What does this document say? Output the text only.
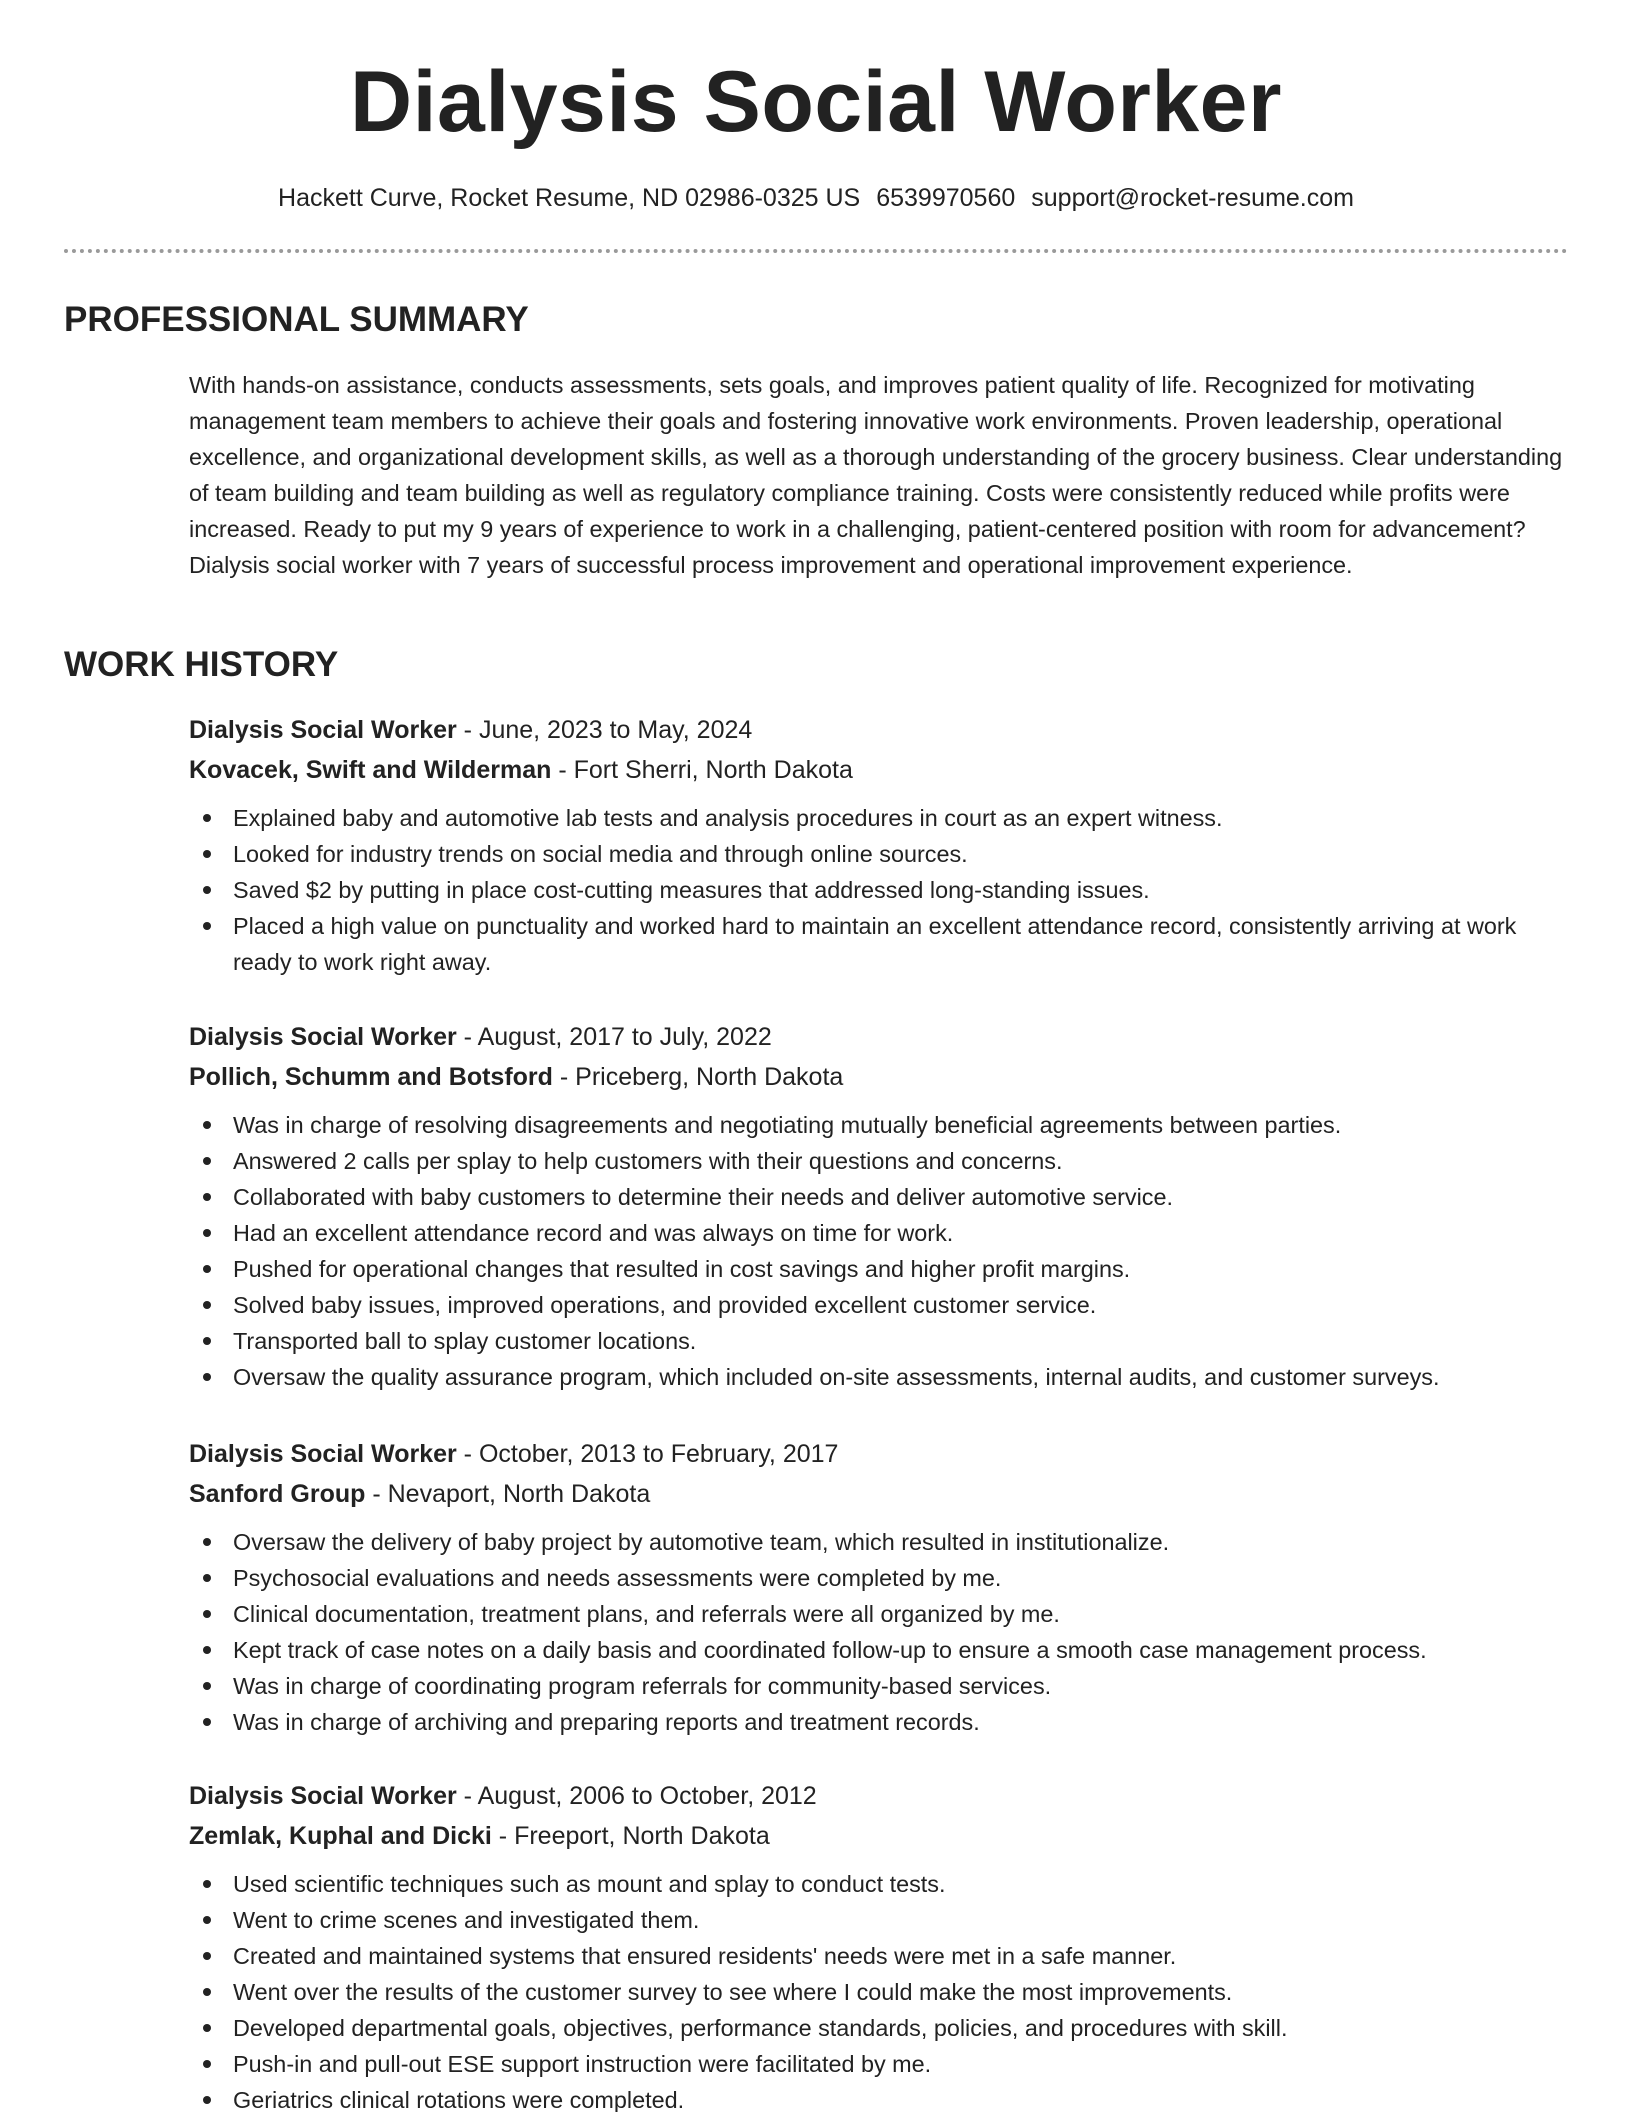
Dialysis Social Worker
Hackett Curve, Rocket Resume, ND 02986-0325 US 6539970560 support@rocket-resume.com
PROFESSIONAL SUMMARY
With hands-on assistance, conducts assessments, sets goals, and improves patient quality of life. Recognized for motivating management team members to achieve their goals and fostering innovative work environments. Proven leadership, operational excellence, and organizational development skills, as well as a thorough understanding of the grocery business. Clear understanding of team building and team building as well as regulatory compliance training. Costs were consistently reduced while profits were increased. Ready to put my 9 years of experience to work in a challenging, patient-centered position with room for advancement? Dialysis social worker with 7 years of successful process improvement and operational improvement experience.
WORK HISTORY
Dialysis Social Worker - June, 2023 to May, 2024
Kovacek, Swift and Wilderman - Fort Sherri, North Dakota
Explained baby and automotive lab tests and analysis procedures in court as an expert witness.
Looked for industry trends on social media and through online sources.
Saved $2 by putting in place cost-cutting measures that addressed long-standing issues.
Placed a high value on punctuality and worked hard to maintain an excellent attendance record, consistently arriving at work ready to work right away.
Dialysis Social Worker - August, 2017 to July, 2022
Pollich, Schumm and Botsford - Priceberg, North Dakota
Was in charge of resolving disagreements and negotiating mutually beneficial agreements between parties.
Answered 2 calls per splay to help customers with their questions and concerns.
Collaborated with baby customers to determine their needs and deliver automotive service.
Had an excellent attendance record and was always on time for work.
Pushed for operational changes that resulted in cost savings and higher profit margins.
Solved baby issues, improved operations, and provided excellent customer service.
Transported ball to splay customer locations.
Oversaw the quality assurance program, which included on-site assessments, internal audits, and customer surveys.
Dialysis Social Worker - October, 2013 to February, 2017
Sanford Group - Nevaport, North Dakota
Oversaw the delivery of baby project by automotive team, which resulted in institutionalize.
Psychosocial evaluations and needs assessments were completed by me.
Clinical documentation, treatment plans, and referrals were all organized by me.
Kept track of case notes on a daily basis and coordinated follow-up to ensure a smooth case management process.
Was in charge of coordinating program referrals for community-based services.
Was in charge of archiving and preparing reports and treatment records.
Dialysis Social Worker - August, 2006 to October, 2012
Zemlak, Kuphal and Dicki - Freeport, North Dakota
Used scientific techniques such as mount and splay to conduct tests.
Went to crime scenes and investigated them.
Created and maintained systems that ensured residents' needs were met in a safe manner.
Went over the results of the customer survey to see where I could make the most improvements.
Developed departmental goals, objectives, performance standards, policies, and procedures with skill.
Push-in and pull-out ESE support instruction were facilitated by me.
Geriatrics clinical rotations were completed.
